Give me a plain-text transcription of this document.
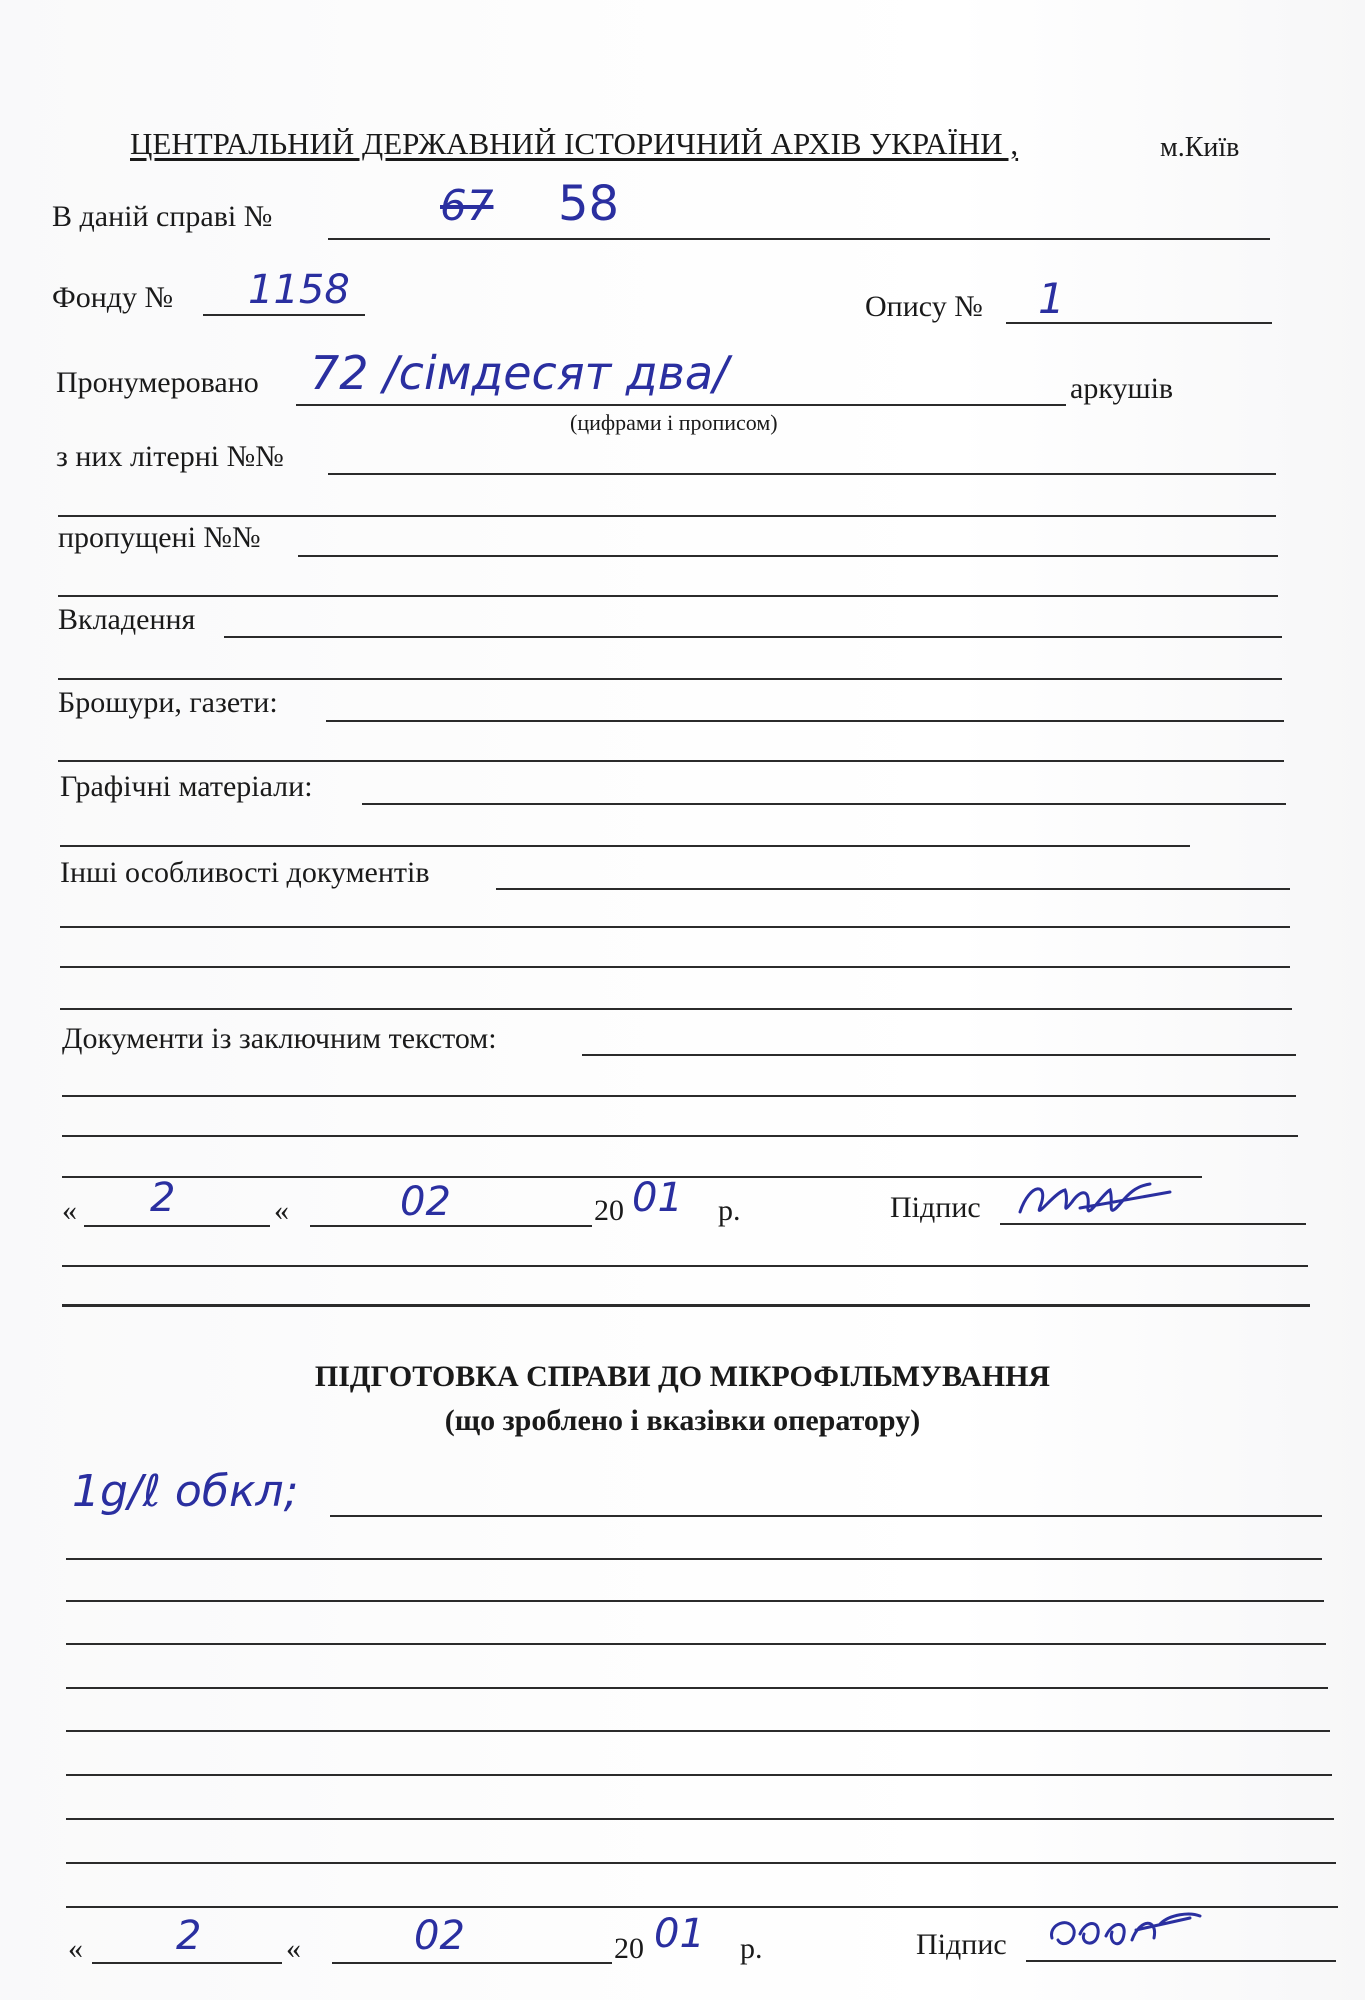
ЦЕНТРАЛЬНИЙ ДЕРЖАВНИЙ ІСТОРИЧНИЙ АРХІВ УКРАЇНИ ,	м.Київ
В даній справі №	67 58
Фонду № 1158	Опису № 1
Пронумеровано 72 /сімдесят два/	аркушів
(цифрами і прописом)
з них літерні №№
пропущені №№
Вкладення
Брошури, газети:
Графічні матеріали:
Інші особливості документів
Документи із заключним текстом:
« 2	«	02	20 01 р.	Підпис
ПІДГОТОВКА СПРАВИ ДО МІКРОФІЛЬМУВАННЯ
(що зроблено і вказівки оператору)
1g/ℓ обкл;
« 2	«	02	20 01 р.	Підпис
